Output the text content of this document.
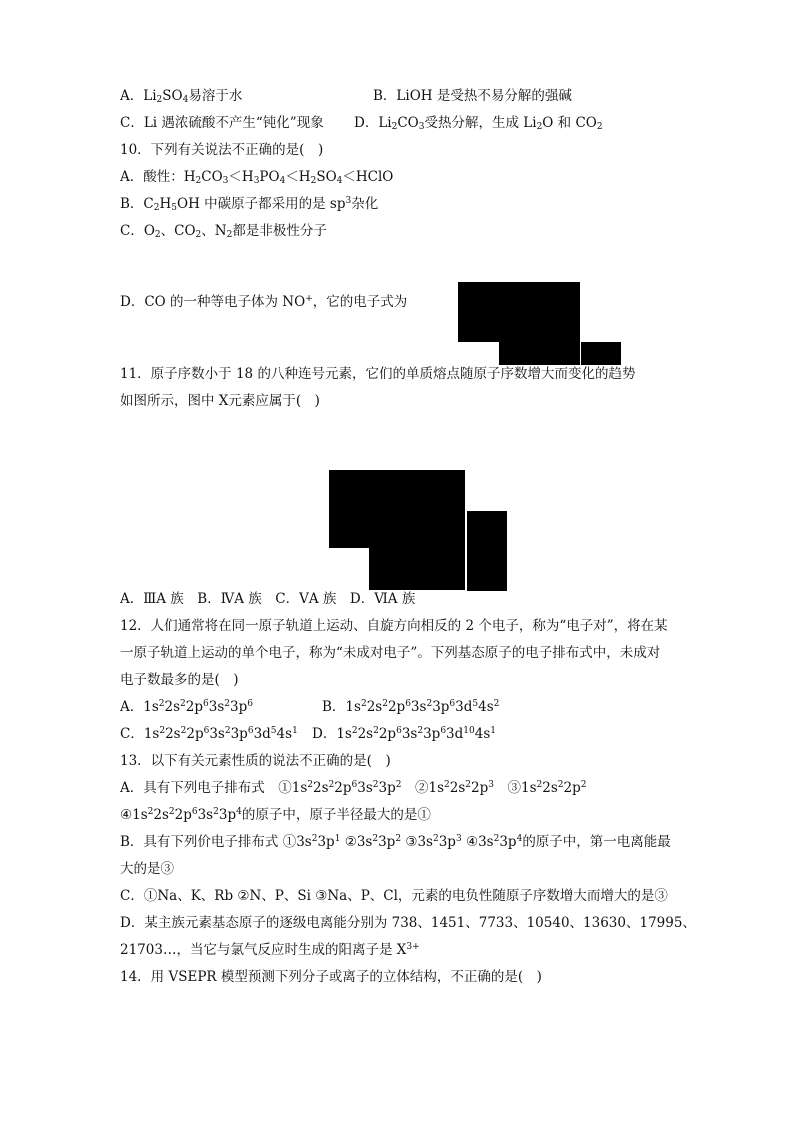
A．$Li_2SO_4$易溶于水	B．LiOH 是受热不易分解的强碱

C．Li 遇浓硫酸不产生“钝化”现象 D．$Li_2CO_3$受热分解，生成 $Li_2O$ 和 $CO_2$

10．下列有关说法不正确的是(　)

A．酸性：$H_2CO_3<H_3PO_4<H_2SO_4<HClO$

B．$C_2H_5OH$ 中碳原子都采用的是 $sp^3$杂化

C．$O_2$、$CO_2$、$N_2$都是非极性分子

D．CO 的一种等电子体为 NO+，它的电子式为

11．原子序数小于 18 的八种连号元素，它们的单质熔点随原子序数增大而变化的趋势

如图所示，图中 X元素应属于(　)

A．ⅢA 族　B．ⅣA 族　C．ⅤA 族　D．ⅥA 族

12．人们通常将在同一原子轨道上运动、自旋方向相反的 2 个电子，称为“电子对”，将在某

一原子轨道上运动的单个电子，称为“未成对电子”。下列基态原子的电子排布式中，未成对

电子数最多的是(　)

A．$1s^22s^22p^63s^23p^6$	B．$1s^22s^22p^63s^23p^63d^54s^2$

C．$1s^22s^22p^63s^23p^63d^54s^1$ D．$1s^22s^22p^63s^23p^63d^{10}4s^1$

13．以下有关元素性质的说法不正确的是(　)

A．具有下列电子排布式　$①1s^22s^22p^63s^23p^2$　$②1s^22s^22p^3$　$③1s^22s^22p^2$

$④1s^22s^22p^63s^23p^4$的原子中，原子半径最大的是①

B．具有下列价电子排布式 $①3s^23p^1$ $②3s^23p^2$ $③3s^23p^3$ $④3s^23p^4$的原子中，第一电离能最

大的是③

C．①Na、K、Rb ②N、P、Si ③Na、P、Cl，元素的电负性随原子序数增大而增大的是③

D．某主族元素基态原子的逐级电离能分别为 738、1451、7733、10540、13630、17995、

21703…，当它与氯气反应时生成的阳离子是 $X^{3+}$

14．用 VSEPR 模型预测下列分子或离子的立体结构，不正确的是(　)
